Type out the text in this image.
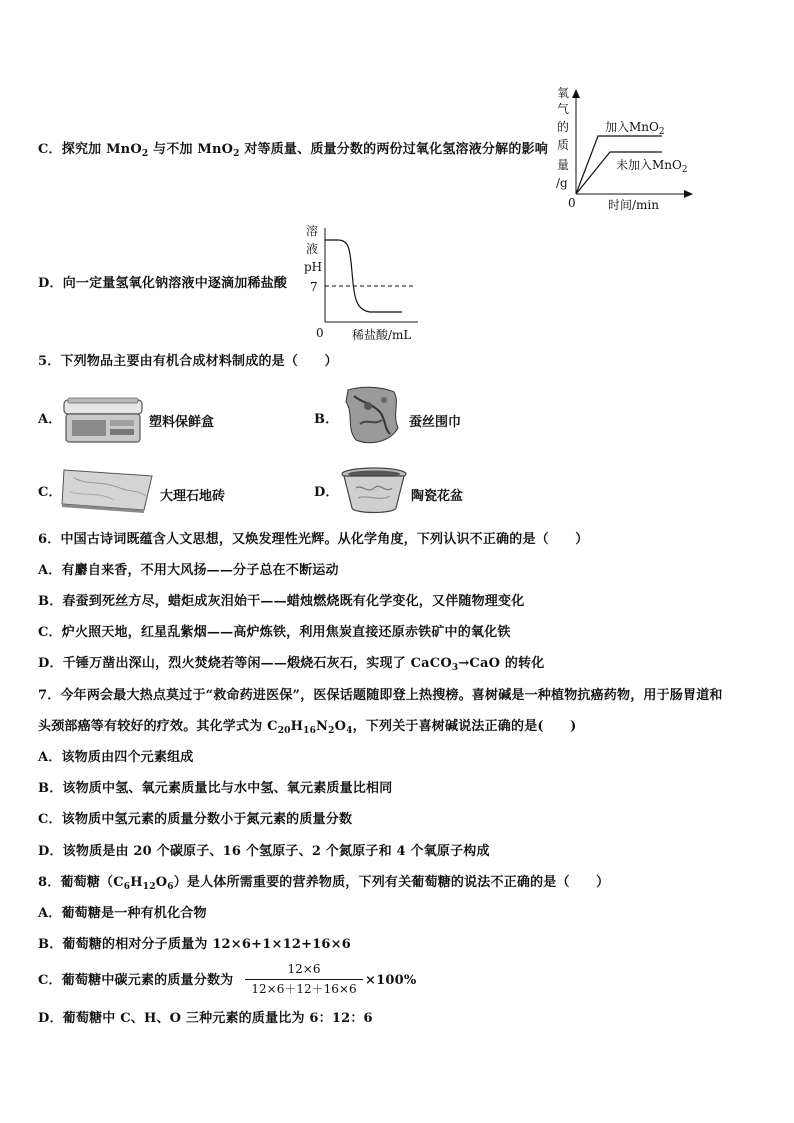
C．探究加 MnO$_2$ 与不加 MnO$_2$ 对等质量、质量分数的两份过氧化氢溶液分解的影响
氧
气
的
质
量
/g
0	时间/min
加入MnO$_2$
未加入MnO$_2$
D．向一定量氢氧化钠溶液中逐滴加稀盐酸
溶
液
pH
7
0 稀盐酸/mL
5．下列物品主要由有机合成材料制成的是（　　）
A．	塑料保鲜盒	B．	蚕丝围巾
C．	大理石地砖	D．	陶瓷花盆
6．中国古诗词既蕴含人文思想，又焕发理性光辉。从化学角度，下列认识不正确的是（　　）
A．有麝自来香，不用大风扬——分子总在不断运动
B．春蚕到死丝方尽，蜡炬成灰泪始干——蜡烛燃烧既有化学变化，又伴随物理变化
C．炉火照天地，红星乱紫烟——高炉炼铁，利用焦炭直接还原赤铁矿中的氧化铁
D．千锤万凿出深山，烈火焚烧若等闲——煅烧石灰石，实现了 CaCO$_3$→CaO 的转化
7．今年两会最大热点莫过于“救命药进医保”，医保话题随即登上热搜榜。喜树碱是一种植物抗癌药物，用于肠胃道和
头颈部癌等有较好的疗效。其化学式为 $C_{20}H_{16}N_2O_4$，下列关于喜树碱说法正确的是(　　)
A．该物质由四个元素组成
B．该物质中氢、氧元素质量比与水中氢、氧元素质量比相同
C．该物质中氢元素的质量分数小于氮元素的质量分数
D．该物质是由 20 个碳原子、16 个氢原子、2 个氮原子和 4 个氧原子构成
8．葡萄糖$(C_6H_{12}O_6)$是人体所需重要的营养物质，下列有关葡萄糖的说法不正确的是（　　）
A．葡萄糖是一种有机化合物
B．葡萄糖的相对分子质量为 12×6+1×12+16×6
C．葡萄糖中碳元素的质量分数为
12×6
12×6＋12＋16×6
×100%
D．葡萄糖中 C、H、O 三种元素的质量比为 6：12：6
